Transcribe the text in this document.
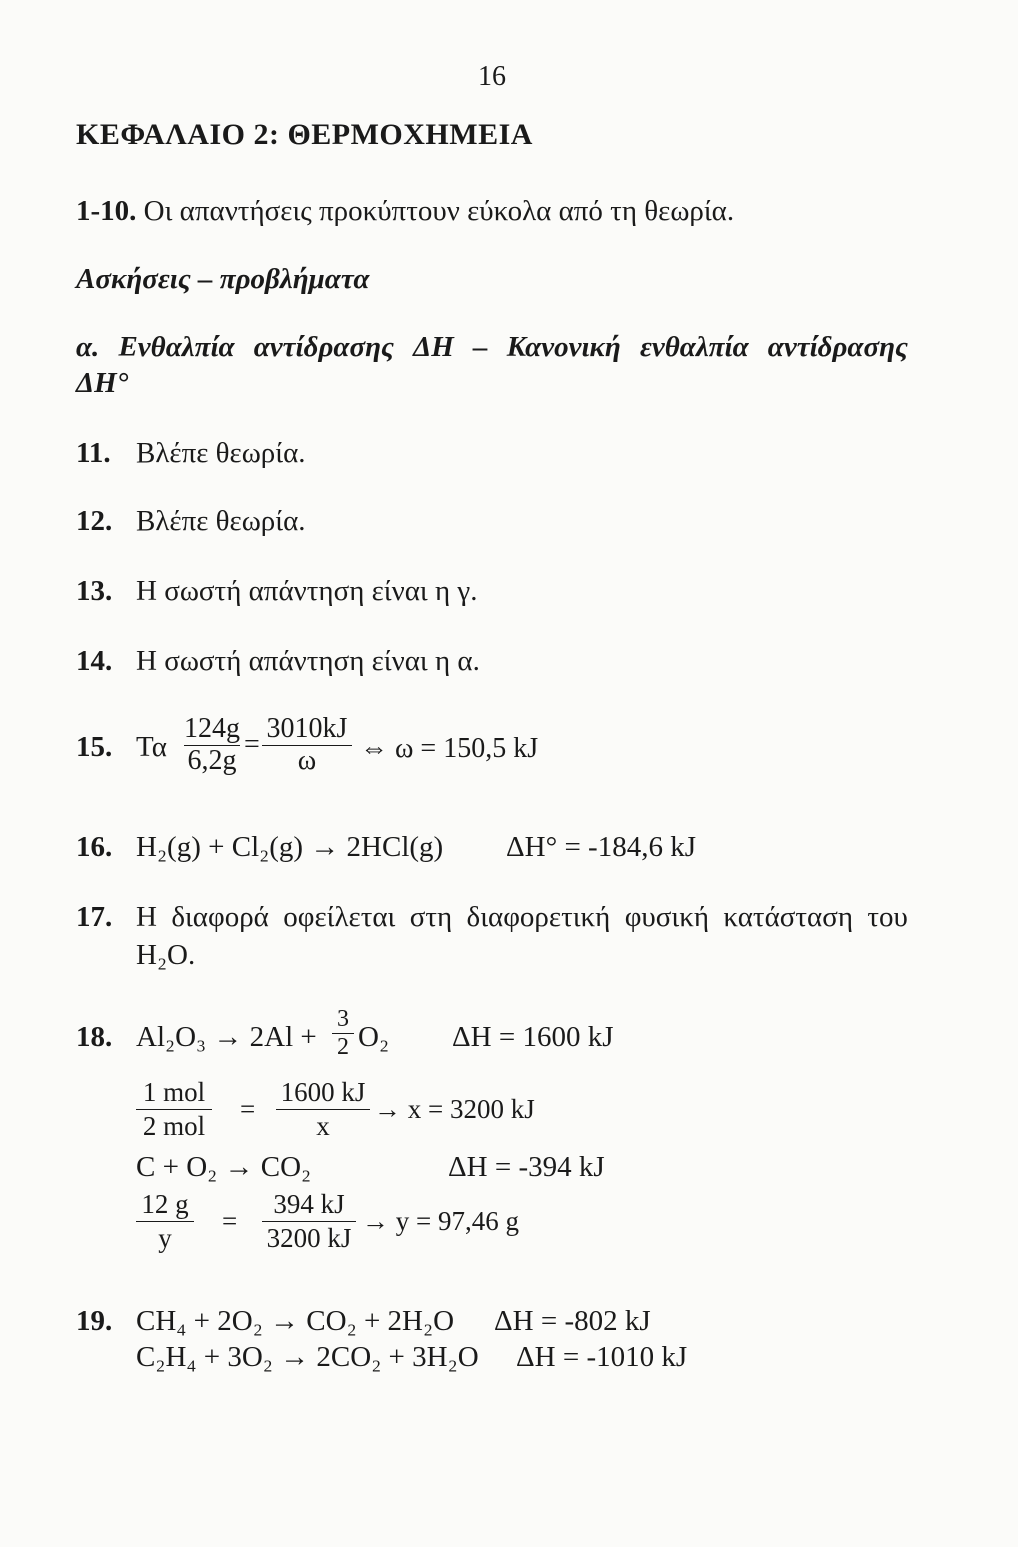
16
ΚΕΦΑΛΑΙΟ 2: ΘΕΡΜΟΧΗΜΕΙΑ
1-10. Οι απαντήσεις προκύπτουν εύκολα από τη θεωρία.
Ασκήσεις – προβλήματα
α. Ενθαλπία αντίδρασης ΔH – Κανονική ενθαλπία αντίδρασης
ΔH°
11. Βλέπε θεωρία.
12. Βλέπε θεωρία.
13. Η σωστή απάντηση είναι η γ.
14. Η σωστή απάντηση είναι η α.
15. Τα $\frac{124g}{6,2g} = \frac{3010kJ}{\omega}$ ⇔ ω = 150,5 kJ
16. H₂(g) + Cl₂(g) → 2HCl(g) ΔH° = -184,6 kJ
17. Η διαφορά οφείλεται στη διαφορετική φυσική κατάσταση του
H₂O.
18. $Al_2O_3 \to 2Al + \frac{3}{2} O_2$ ΔH = 1600 kJ
1 mol
2 mol
= $\frac{1600 kJ}{x} \to x = 3200$ kJ
C + O₂ → CO₂	ΔH = -394 kJ
$\frac{12 g}{y} = \frac{394 kJ}{3200 kJ} \to y = 97,46$ g
19. CH₄ + 2O₂ → CO₂ + 2H₂O ΔH = -802 kJ
C₂H₄ + 3O₂ → 2CO₂ + 3H₂O ΔH = -1010 kJ
